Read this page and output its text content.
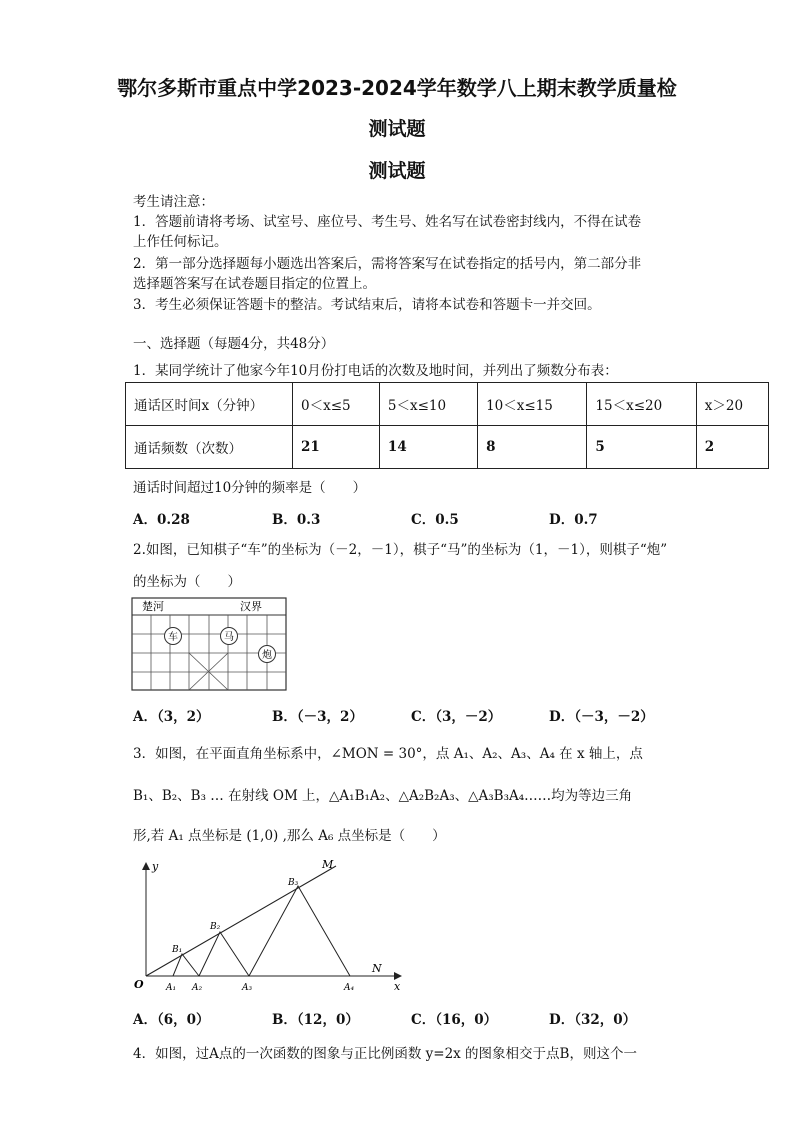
鄂尔多斯市重点中学2023-2024学年数学八上期末教学质量检
测试题
测试题
考生请注意：
1．答题前请将考场、试室号、座位号、考生号、姓名写在试卷密封线内，不得在试卷
上作任何标记。
2．第一部分选择题每小题选出答案后，需将答案写在试卷指定的括号内，第二部分非
选择题答案写在试卷题目指定的位置上。
3．考生必须保证答题卡的整洁。考试结束后，请将本试卷和答题卡一并交回。
一、选择题（每题4分，共48分）
1．某同学统计了他家今年10月份打电话的次数及地时间，并列出了频数分布表：
通话区时间x（分钟）	0＜x≤5	5＜x≤10	10＜x≤15	15＜x≤20	x＞20
通话频数（次数）	21	14	8	5	2
通话时间超过10分钟的频率是（　　）
A．0.28	B．0.3	C．0.5	D．0.7
2.如图，已知棋子“车”的坐标为（－2，－1），棋子“马”的坐标为（1，－1），则棋子“炮”
的坐标为（　　）
楚河	汉界
车	马
炮
A．（3，2）	B．（－3，2）	C．（3，－2）	D．（－3，－2）
3．如图，在平面直角坐标系中，∠MON = 30°，点 A₁、A₂、A₃、A₄ 在 x 轴上，点
B₁、B₂、B₃ … 在射线 OM 上，△A₁B₁A₂、△A₂B₂A₃、△A₃B₃A₄……均为等边三角
形,若 A₁ 点坐标是 (1,0) ,那么 A₆ 点坐标是（　　）
y
x
O
M
N
A₁ A₂	A₃	A₄
B₁
B₂
B₃
A．（6，0）	B．（12，0）	C．（16，0）	D．（32，0）
4．如图，过A点的一次函数的图象与正比例函数 y=2x 的图象相交于点B，则这个一
